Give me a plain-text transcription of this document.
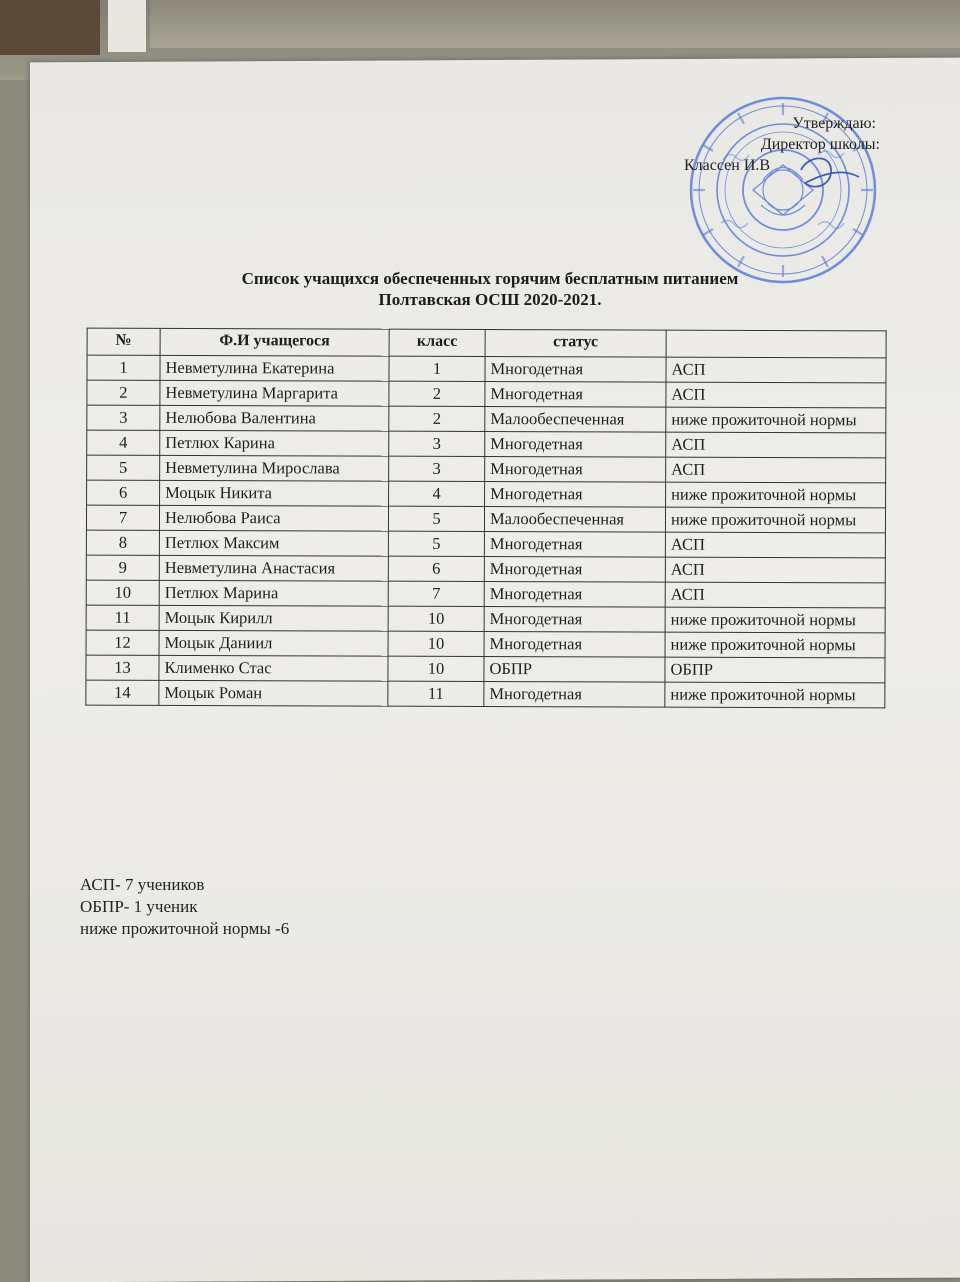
Утверждаю:
Директор школы:
Классен И.В
Список учащихся обеспеченных горячим бесплатным питанием
Полтавская ОСШ 2020-2021.
№	Ф.И учащегося	класс	статус	
1	Невметулина Екатерина	1	Многодетная	АСП
2	Невметулина Маргарита	2	Многодетная	АСП
3	Нелюбова Валентина	2	Малообеспеченная	ниже прожиточной нормы
4	Петлюх Карина	3	Многодетная	АСП
5	Невметулина Мирослава	3	Многодетная	АСП
6	Моцык Никита	4	Многодетная	ниже прожиточной нормы
7	Нелюбова Раиса	5	Малообеспеченная	ниже прожиточной нормы
8	Петлюх Максим	5	Многодетная	АСП
9	Невметулина Анастасия	6	Многодетная	АСП
10	Петлюх Марина	7	Многодетная	АСП
11	Моцык Кирилл	10	Многодетная	ниже прожиточной нормы
12	Моцык Даниил	10	Многодетная	ниже прожиточной нормы
13	Клименко Стас	10	ОБПР	ОБПР
14	Моцык Роман	11	Многодетная	ниже прожиточной нормы
АСП- 7 учеников
ОБПР- 1 ученик
ниже прожиточной нормы -6
